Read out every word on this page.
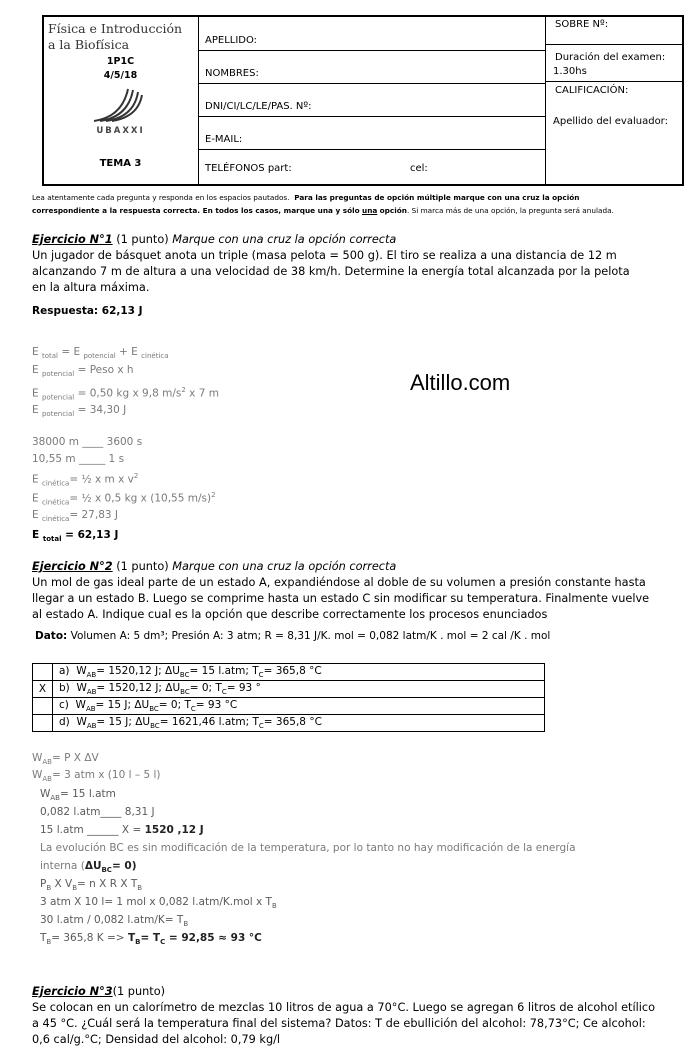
Física e Introducción a la Biofísica
1P1C
4/5/18
UBAXXI
TEMA 3
APELLIDO:
NOMBRES:
DNI/CI/LC/LE/PAS. Nº:
E-MAIL:
TELÉFONOS part:	cel:
SOBRE Nº:
Duración del examen:
1.30hs
CALIFICACIÓN:
Apellido del evaluador:
Lea atentamente cada pregunta y responda en los espacios pautados. Para las preguntas de opción múltiple marque con una cruz la opción
correspondiente a la respuesta correcta. En todos los casos, marque una y sólo una opción. Si marca más de una opción, la pregunta será anulada.
Altillo.com
Ejercicio N°1 (1 punto) Marque con una cruz la opción correcta
Un jugador de básquet anota un triple (masa pelota = 500 g). El tiro se realiza a una distancia de 12 m
alcanzando 7 m de altura a una velocidad de 38 km/h. Determine la energía total alcanzada por la pelota
en la altura máxima.
Respuesta: 62,13 J
E $_{total}$ = E $_{potencial}$ + E $_{cinética}$
E $_{potencial}$ = Peso x h
E $_{potencial}$ = 0,50 kg x 9,8 $m/s^2$ x 7 m
E $_{potencial}$ = 34,30 J
38000 m ____ 3600 s
10,55 m _____ 1 s
E $_{cinética}$= ½ x m x $v^2$
E $_{cinética}$= ½ x 0,5 kg x (10,55 m/s)$^2$
E $_{cinética}$= 27,83 J
E $_{total}$ = 62,13 J
Ejercicio N°2 (1 punto) Marque con una cruz la opción correcta
Un mol de gas ideal parte de un estado A, expandiéndose al doble de su volumen a presión constante hasta
llegar a un estado B. Luego se comprime hasta un estado C sin modificar su temperatura. Finalmente vuelve
al estado A. Indique cual es la opción que describe correctamente los procesos enunciados
Dato: Volumen A: 5 dm³; Presión A: 3 atm; R = 8,31 J/K. mol = 0,082 latm/K . mol = 2 cal /K . mol
	a)  $W_{AB}= 1520,12$ J; $\Delta U_{BC}= 15$ l.atm; $T_C= 365,8$ °C
X	b)  $W_{AB}= 1520,12$ J; $\Delta U_{BC}= 0$; $T_C= 93$ °
	c)  $W_{AB}= 15$ J; $\Delta U_{BC}= 0$; $T_C= 93$ °C
	d)  $W_{AB}= 15$ J; $\Delta U_{BC}= 1621,46$ l.atm; $T_C= 365,8$ °C
$W_{AB}= P$ X ΔV
$W_{AB}= 3$ atm x (10 l – 5 l)
$W_{AB}= 15$ l.atm
0,082 l.atm____ 8,31 J
15 l.atm ______ X = 1520 ,12 J
La evolución BC es sin modificación de la temperatura, por lo tanto no hay modificación de la energía
interna $(\Delta U_{BC}= 0)$
$P_B$ X $V_B= n$ X R X $T_B$
3 atm X 10 l= 1 mol x 0,082 l.atm/K.mol x $T_B$
30 l.atm / 0,082 $l.atm/K= T_B$
$T_B= 365,8$ $K => T_B= T_C = 92,85 \approx 93$ °C
Ejercicio N°3(1 punto)
Se colocan en un calorímetro de mezclas 10 litros de agua a 70°C. Luego se agregan 6 litros de alcohol etílico
a 45 °C. ¿Cuál será la temperatura final del sistema? Datos: T de ebullición del alcohol: 78,73°C; Ce alcohol:
0,6 cal/g.°C; Densidad del alcohol: 0,79 kg/l
